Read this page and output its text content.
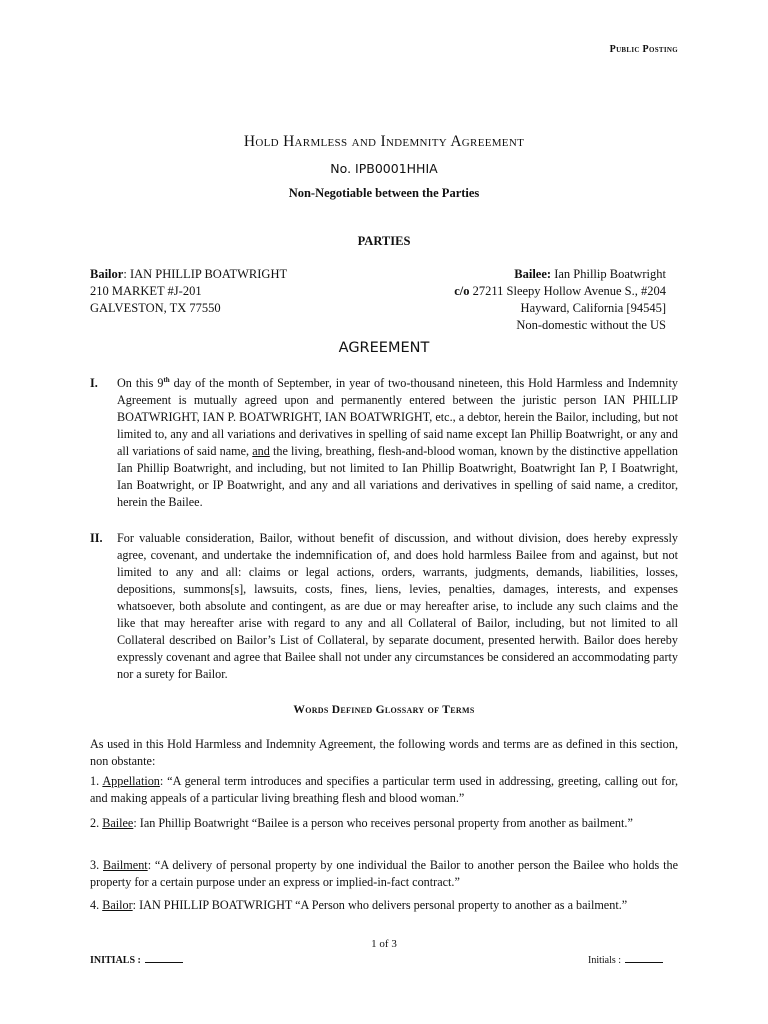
Public Posting
Hold Harmless and Indemnity Agreement
No. IPB0001HHIA
Non-Negotiable between the Parties
PARTIES
Bailor: IAN PHILLIP BOATWRIGHT
210 MARKET #J-201
GALVESTON, TX 77550
Bailee: Ian Phillip Boatwright
c/o 27211 Sleepy Hollow Avenue S., #204
Hayward, California [94545]
Non-domestic without the US
AGREEMENT
I. On this 9th day of the month of September, in year of two-thousand nineteen, this Hold Harmless and Indemnity Agreement is mutually agreed upon and permanently entered between the juristic person IAN PHILLIP BOATWRIGHT, IAN P. BOATWRIGHT, IAN BOATWRIGHT, etc., a debtor, herein the Bailor, including, but not limited to, any and all variations and derivatives in spelling of said name except Ian Phillip Boatwright, or any and all variations of said name, and the living, breathing, flesh-and-blood woman, known by the distinctive appellation Ian Phillip Boatwright, and including, but not limited to Ian Phillip Boatwright, Boatwright Ian P, I Boatwright, Ian Boatwright, or IP Boatwright, and any and all variations and derivatives in spelling of said name, a creditor, herein the Bailee.
II. For valuable consideration, Bailor, without benefit of discussion, and without division, does hereby expressly agree, covenant, and undertake the indemnification of, and does hold harmless Bailee from and against, but not limited to any and all: claims or legal actions, orders, warrants, judgments, demands, liabilities, losses, depositions, summons[s], lawsuits, costs, fines, liens, levies, penalties, damages, interests, and expenses whatsoever, both absolute and contingent, as are due or may hereafter arise, to include any such claims and the like that may hereafter arise with regard to any and all Collateral of Bailor, including, but not limited to all Collateral described on Bailor’s List of Collateral, by separate document, presented herwith. Bailor does hereby expressly covenant and agree that Bailee shall not under any circumstances be considered an accommodating party nor a surety for Bailor.
Words Defined Glossary of Terms
As used in this Hold Harmless and Indemnity Agreement, the following words and terms are as defined in this section, non obstante:
1. Appellation: “A general term introduces and specifies a particular term used in addressing, greeting, calling out for, and making appeals of a particular living breathing flesh and blood woman.”
2. Bailee: Ian Phillip Boatwright “Bailee is a person who receives personal property from another as bailment.”
3. Bailment: “A delivery of personal property by one individual the Bailor to another person the Bailee who holds the property for a certain purpose under an express or implied-in-fact contract.”
4. Bailor: IAN PHILLIP BOATWRIGHT “A Person who delivers personal property to another as a bailment.”
1 of 3
INITIALS :	Initials :
